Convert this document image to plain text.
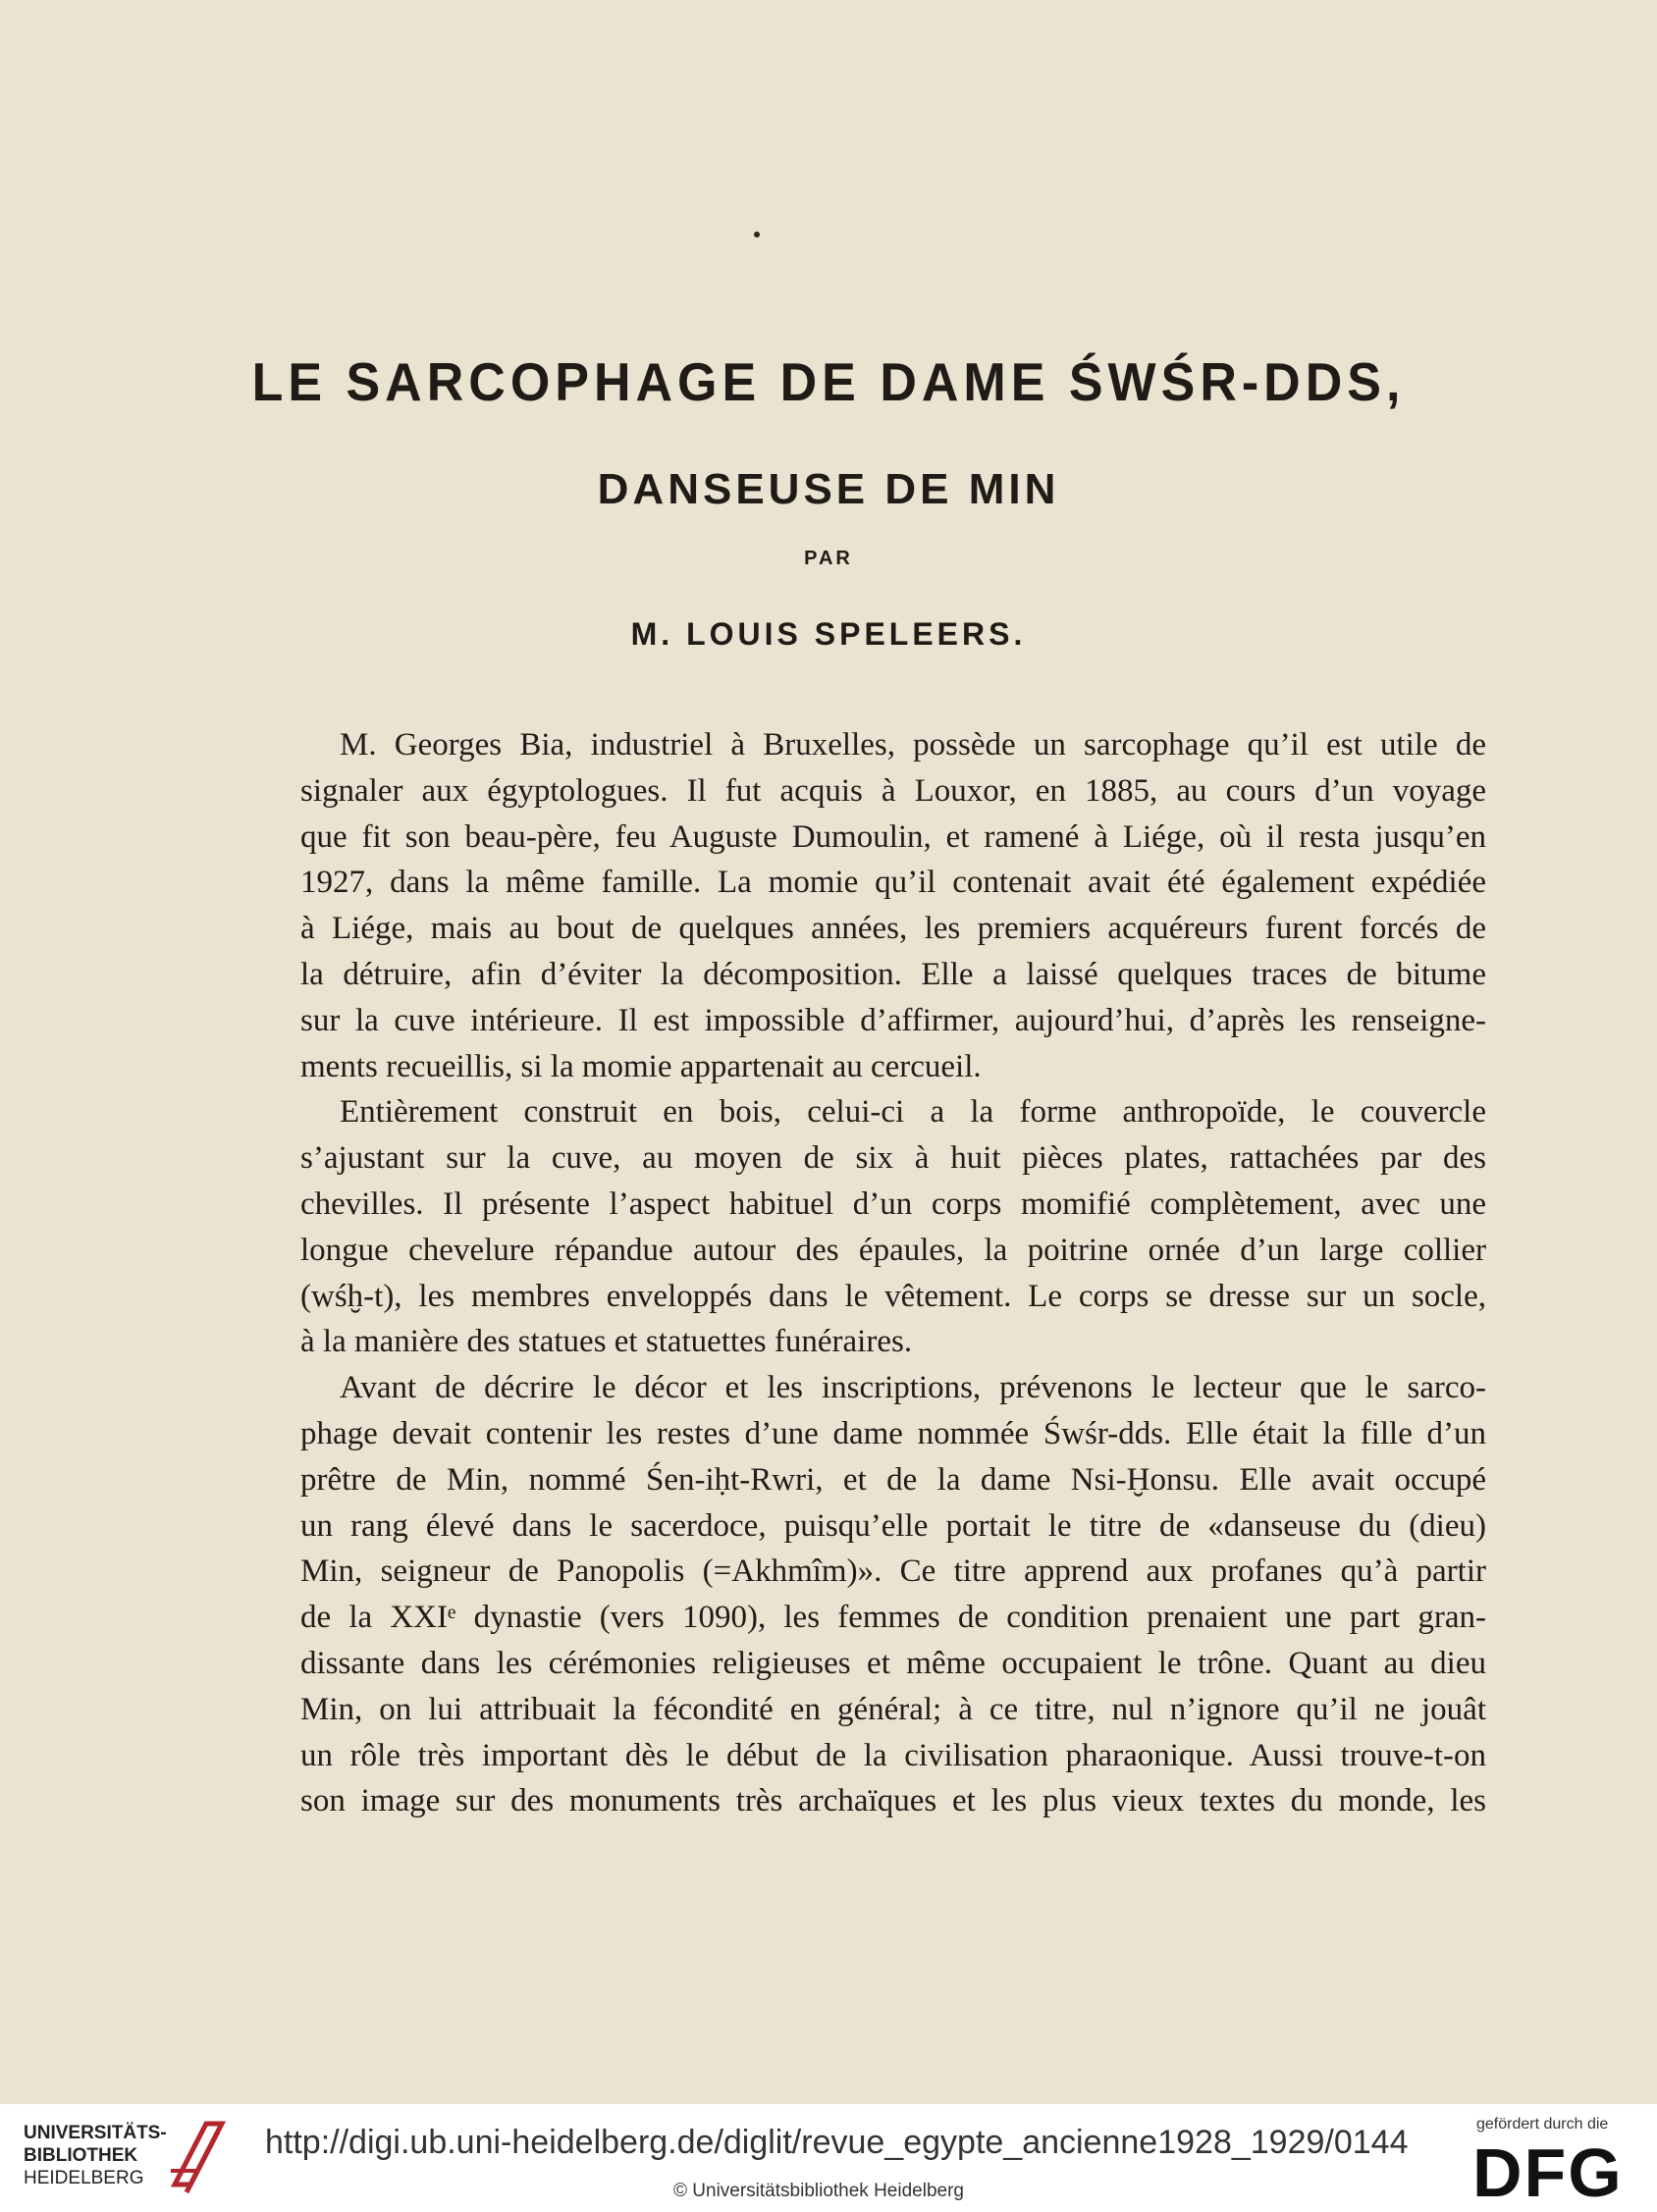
LE SARCOPHAGE DE DAME ŚWŚR-DDS,
DANSEUSE DE MIN
PAR
M. LOUIS SPELEERS.

M. Georges Bia, industriel à Bruxelles, possède un sarcophage qu’il est utile de
signaler aux égyptologues. Il fut acquis à Louxor, en 1885, au cours d’un voyage
que fit son beau-père, feu Auguste Dumoulin, et ramené à Liége, où il resta jusqu’en
1927, dans la même famille. La momie qu’il contenait avait été également expédiée
à Liége, mais au bout de quelques années, les premiers acquéreurs furent forcés de
la détruire, afin d’éviter la décomposition. Elle a laissé quelques traces de bitume
sur la cuve intérieure. Il est impossible d’affirmer, aujourd’hui, d’après les renseigne-
ments recueillis, si la momie appartenait au cercueil.

Entièrement construit en bois, celui-ci a la forme anthropoïde, le couvercle
s’ajustant sur la cuve, au moyen de six à huit pièces plates, rattachées par des
chevilles. Il présente l’aspect habituel d’un corps momifié complètement, avec une
longue chevelure répandue autour des épaules, la poitrine ornée d’un large collier
(wśḫ-t), les membres enveloppés dans le vêtement. Le corps se dresse sur un socle,
à la manière des statues et statuettes funéraires.

Avant de décrire le décor et les inscriptions, prévenons le lecteur que le sarco-
phage devait contenir les restes d’une dame nommée Śwśr-dds. Elle était la fille d’un
prêtre de Min, nommé Śen-iḥt-Rwri, et de la dame Nsi-Ḫonsu. Elle avait occupé
un rang élevé dans le sacerdoce, puisqu’elle portait le titre de «danseuse du (dieu)
Min, seigneur de Panopolis (=Akhmîm)». Ce titre apprend aux profanes qu’à partir
de la XXIᵉ dynastie (vers 1090), les femmes de condition prenaient une part gran-
dissante dans les cérémonies religieuses et même occupaient le trône. Quant au dieu
Min, on lui attribuait la fécondité en général; à ce titre, nul n’ignore qu’il ne jouât
un rôle très important dès le début de la civilisation pharaonique. Aussi trouve-t-on
son image sur des monuments très archaïques et les plus vieux textes du monde, les

UNIVERSITÄTS-
BIBLIOTHEK
HEIDELBERG
http://digi.ub.uni-heidelberg.de/diglit/revue_egypte_ancienne1928_1929/0144
© Universitätsbibliothek Heidelberg
gefördert durch die
DFG
